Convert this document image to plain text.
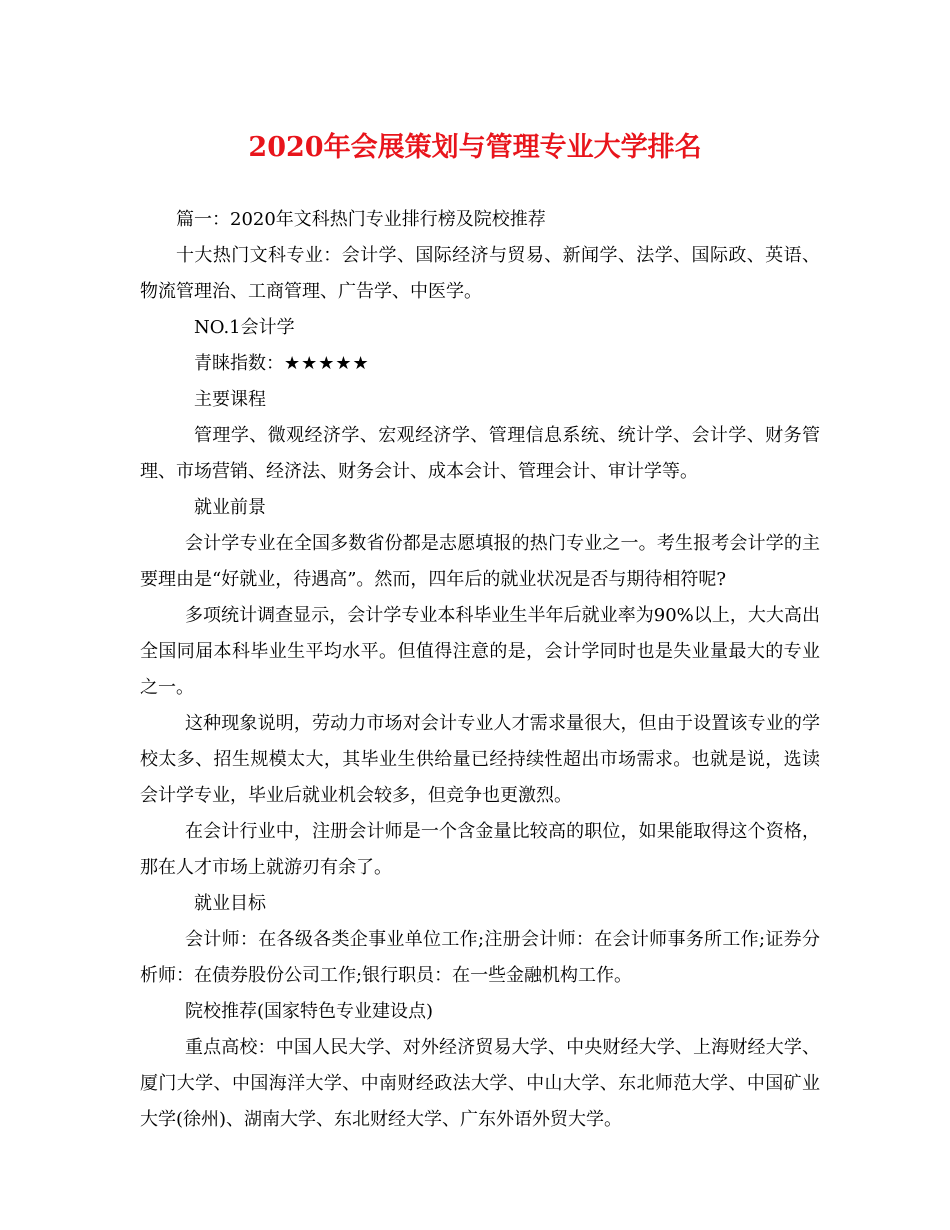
2020年会展策划与管理专业大学排名

篇一：2020年文科热门专业排行榜及院校推荐

十大热门文科专业：会计学、国际经济与贸易、新闻学、法学、国际政、英语、物流管理治、工商管理、广告学、中医学。

NO.1会计学

青睐指数：★★★★★

主要课程

管理学、微观经济学、宏观经济学、管理信息系统、统计学、会计学、财务管理、市场营销、经济法、财务会计、成本会计、管理会计、审计学等。

就业前景

会计学专业在全国多数省份都是志愿填报的热门专业之一。考生报考会计学的主要理由是“好就业，待遇高”。然而，四年后的就业状况是否与期待相符呢?

多项统计调查显示，会计学专业本科毕业生半年后就业率为90%以上，大大高出全国同届本科毕业生平均水平。但值得注意的是，会计学同时也是失业量最大的专业之一。

这种现象说明，劳动力市场对会计专业人才需求量很大，但由于设置该专业的学校太多、招生规模太大，其毕业生供给量已经持续性超出市场需求。也就是说，选读会计学专业，毕业后就业机会较多，但竞争也更激烈。

在会计行业中，注册会计师是一个含金量比较高的职位，如果能取得这个资格，那在人才市场上就游刃有余了。

就业目标

会计师：在各级各类企事业单位工作;注册会计师：在会计师事务所工作;证券分析师：在债券股份公司工作;银行职员：在一些金融机构工作。

院校推荐(国家特色专业建设点)

重点高校：中国人民大学、对外经济贸易大学、中央财经大学、上海财经大学、厦门大学、中国海洋大学、中南财经政法大学、中山大学、东北师范大学、中国矿业大学(徐州)、湖南大学、东北财经大学、广东外语外贸大学。
